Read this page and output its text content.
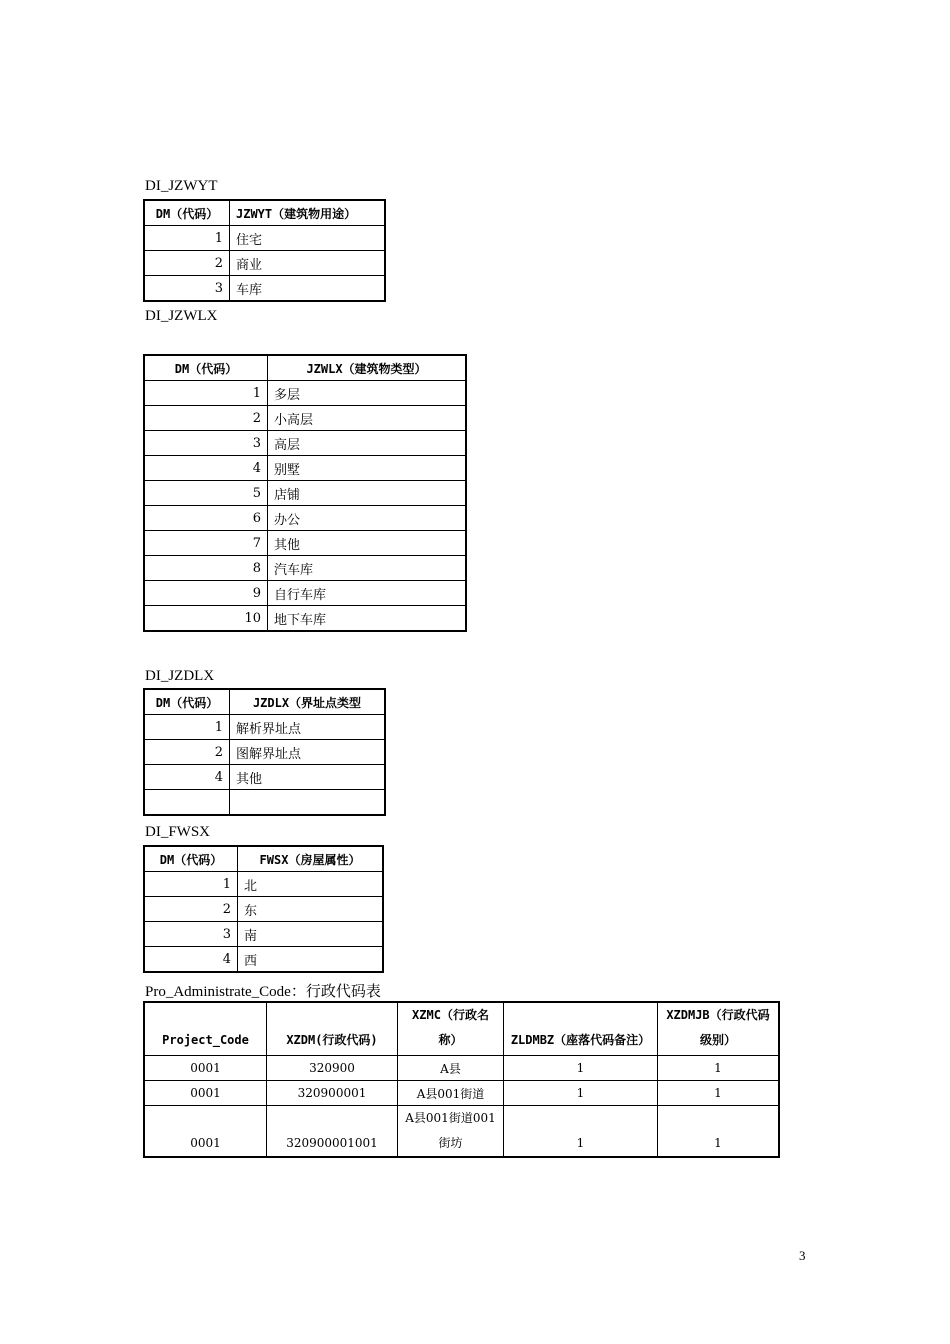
DI_JZWYT
DM（代码）	JZWYT（建筑物用途）
1	住宅
2	商业
3	车库
DI_JZWLX
DM（代码）	JZWLX（建筑物类型）
1	多层
2	小高层
3	高层
4	别墅
5	店铺
6	办公
7	其他
8	汽车库
9	自行车库
10	地下车库
DI_JZDLX
DM（代码）	JZDLX（界址点类型
1	解析界址点
2	图解界址点
4	其他

DI_FWSX
DM（代码）	FWSX（房屋属性）
1	北
2	东
3	南
4	西
Pro_Administrate_Code：行政代码表
Project_Code	XZDM(行政代码)	XZMC（行政名称）	ZLDMBZ（座落代码备注）	XZDMJB（行政代码级别）
0001	320900	A县	1	1
0001	320900001	A县001街道	1	1
0001	320900001001	A县001街道001街坊	1	1
3
